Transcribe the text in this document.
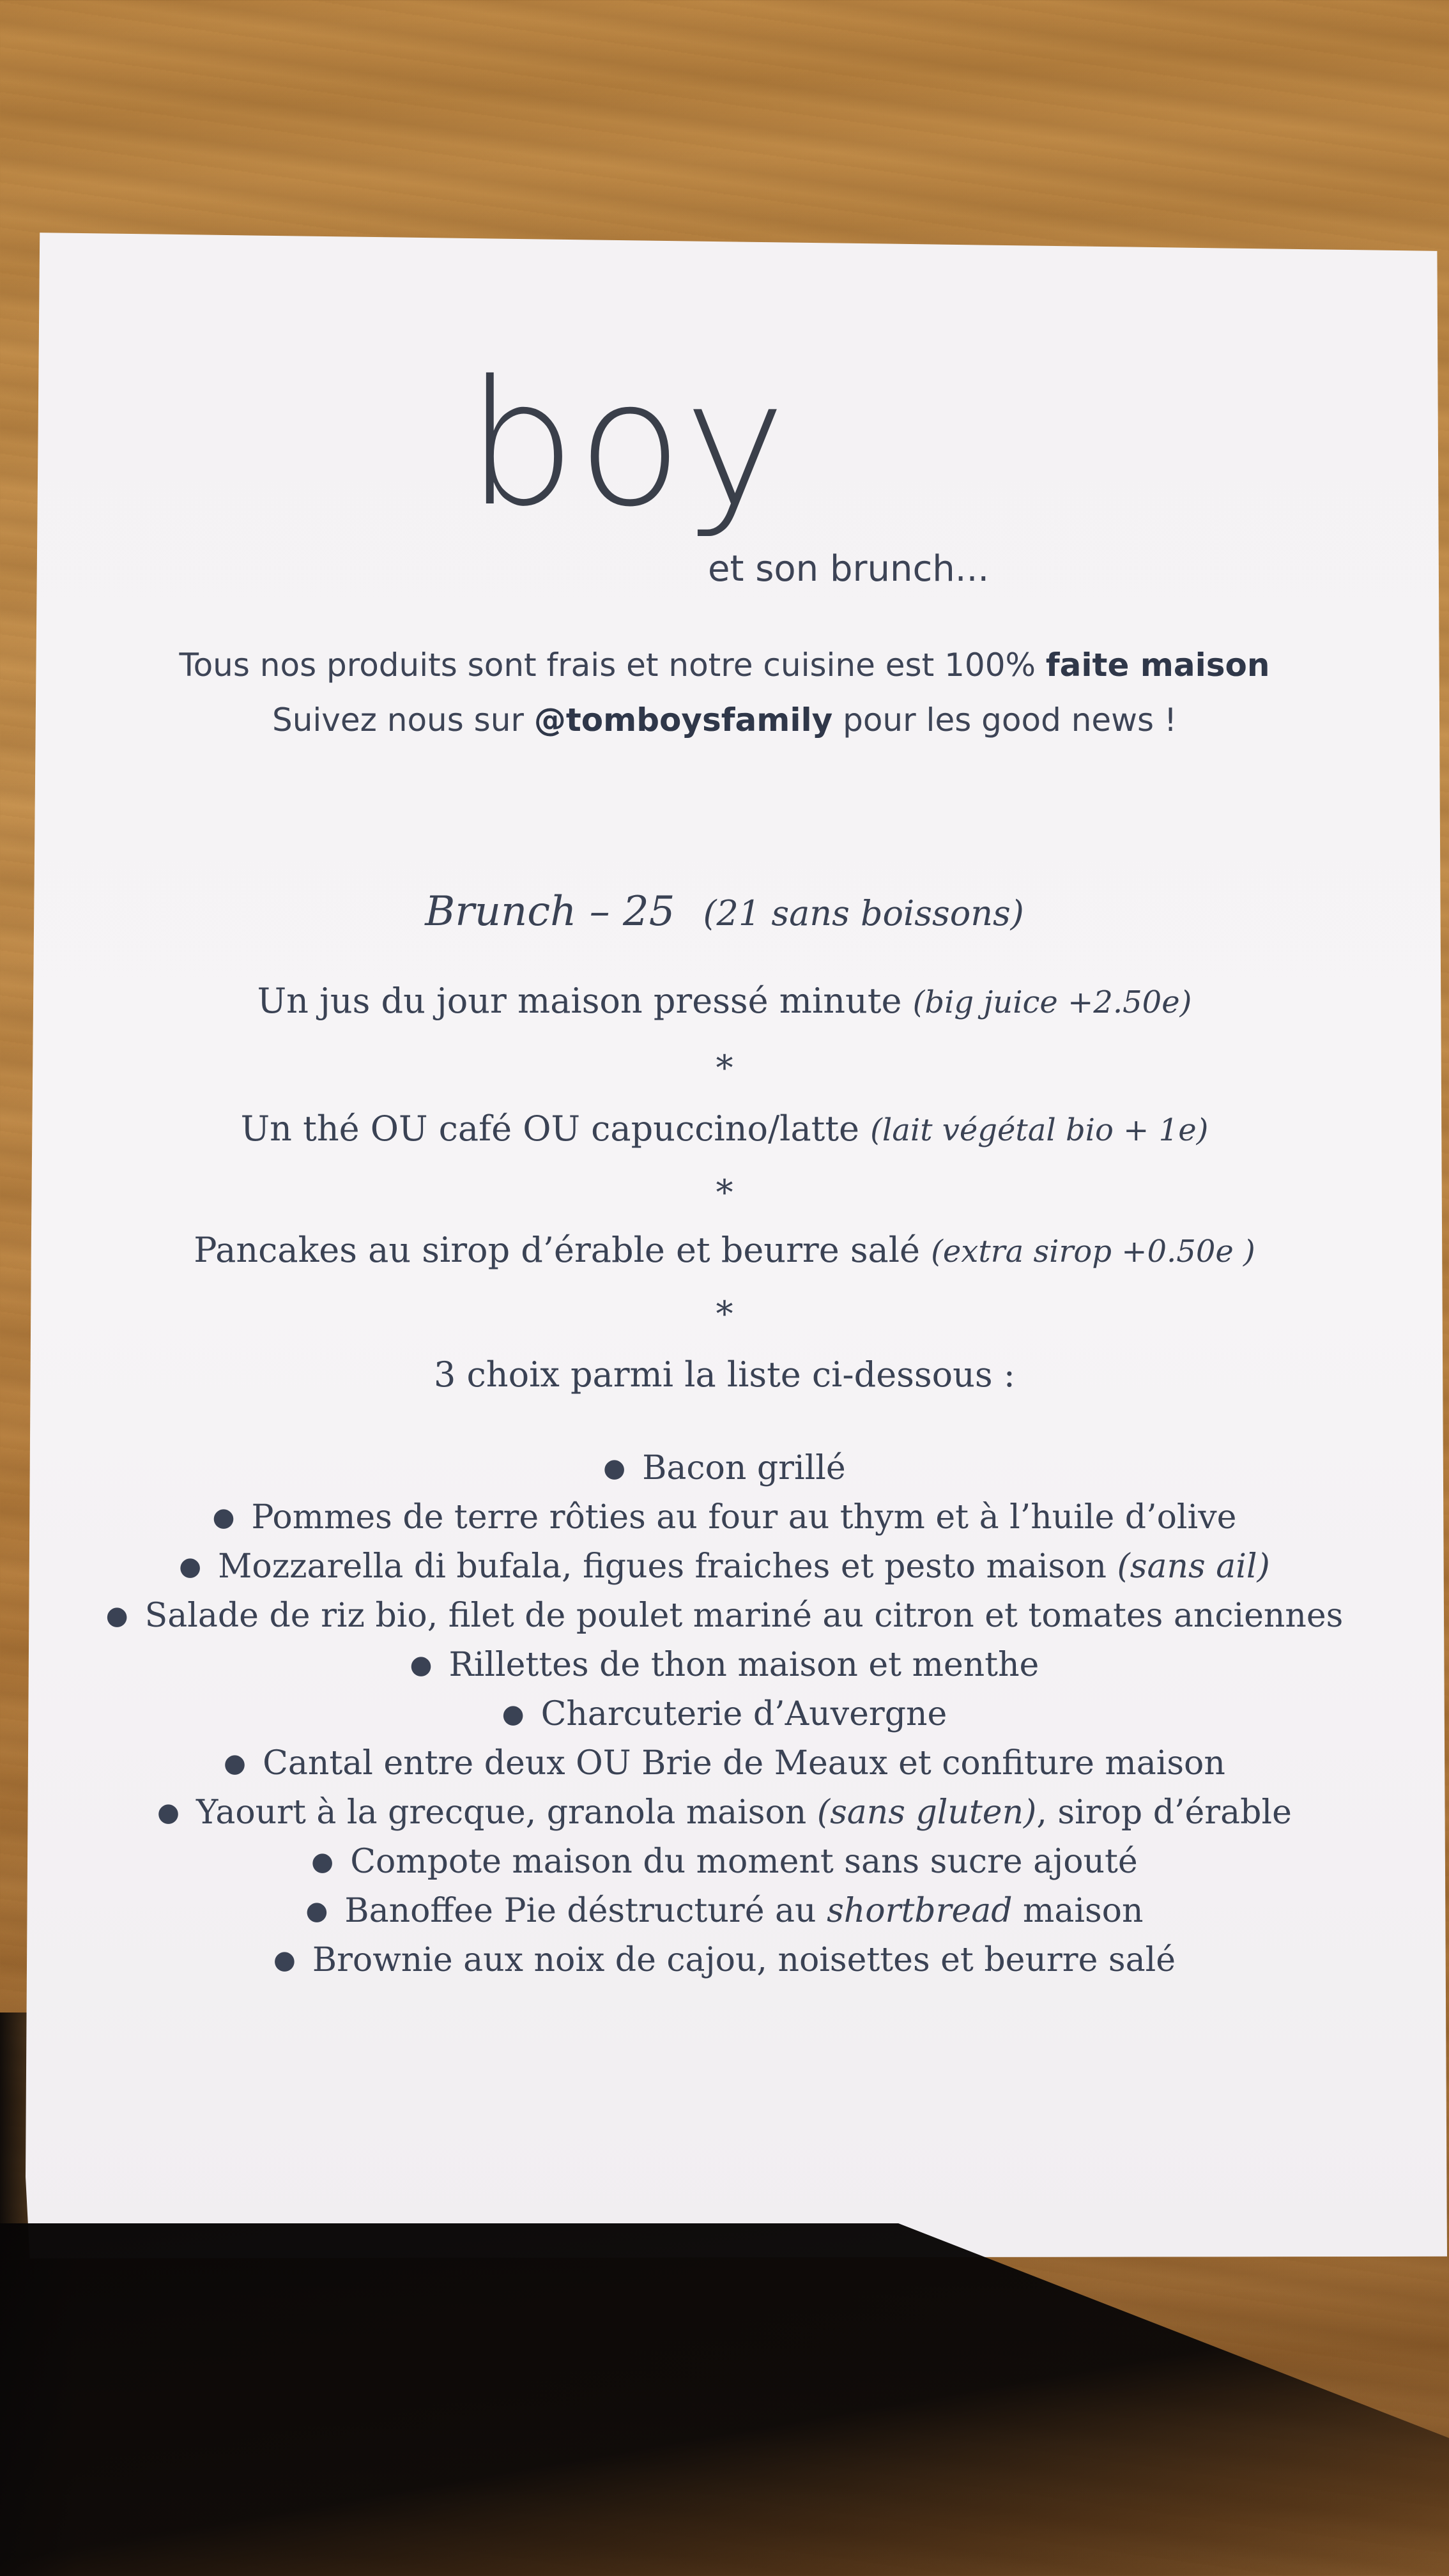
boy
et son brunch...
Tous nos produits sont frais et notre cuisine est 100% faite maison
Suivez nous sur @tomboysfamily pour les good news !
Brunch – 25 (21 sans boissons)
Un jus du jour maison pressé minute (big juice +2.50e)
*
Un thé OU café OU capuccino/latte (lait végétal bio + 1e)
*
Pancakes au sirop d’érable et beurre salé (extra sirop +0.50e )
*
3 choix parmi la liste ci-dessous :
● Bacon grillé
● Pommes de terre rôties au four au thym et à l’huile d’olive
● Mozzarella di bufala, figues fraiches et pesto maison (sans ail)
● Salade de riz bio, filet de poulet mariné au citron et tomates anciennes
● Rillettes de thon maison et menthe
● Charcuterie d’Auvergne
● Cantal entre deux OU Brie de Meaux et confiture maison
● Yaourt à la grecque, granola maison (sans gluten), sirop d’érable
● Compote maison du moment sans sucre ajouté
● Banoffee Pie déstructuré au shortbread maison
● Brownie aux noix de cajou, noisettes et beurre salé
